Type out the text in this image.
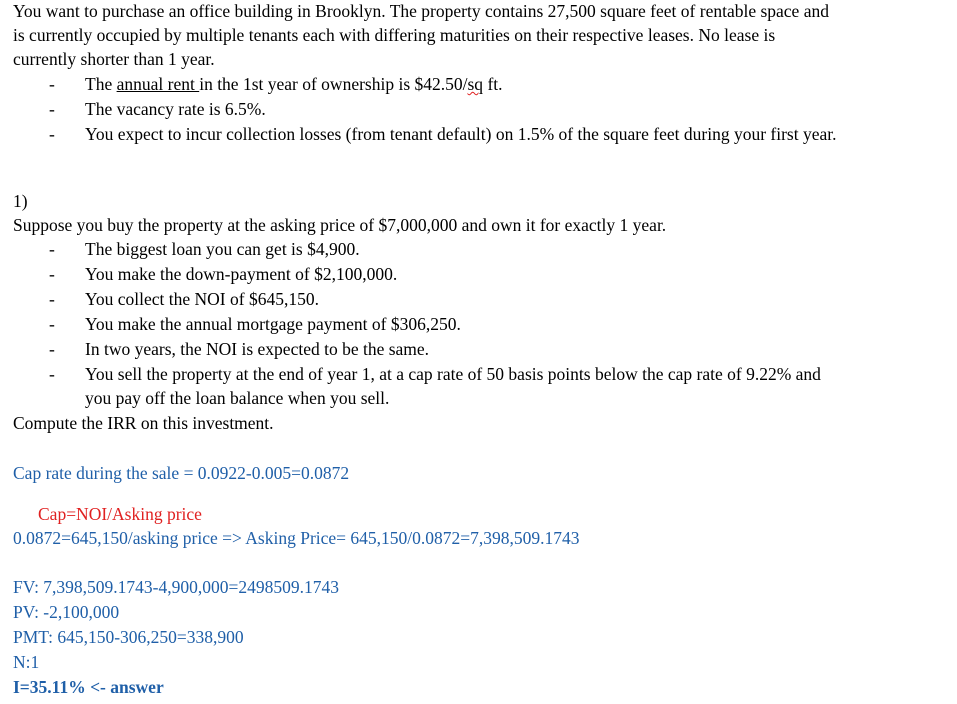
You want to purchase an office building in Brooklyn. The property contains 27,500 square feet of rentable space and
is currently occupied by multiple tenants each with differing maturities on their respective leases. No lease is
currently shorter than 1 year.
- The annual rent in the 1st year of ownership is $42.50/sq ft.
- The vacancy rate is 6.5%.
- You expect to incur collection losses (from tenant default) on 1.5% of the square feet during your first year.
1)
Suppose you buy the property at the asking price of $7,000,000 and own it for exactly 1 year.
- The biggest loan you can get is $4,900.
- You make the down-payment of $2,100,000.
- You collect the NOI of $645,150.
- You make the annual mortgage payment of $306,250.
- In two years, the NOI is expected to be the same.
- You sell the property at the end of year 1, at a cap rate of 50 basis points below the cap rate of 9.22% and
you pay off the loan balance when you sell.
Compute the IRR on this investment.
Cap rate during the sale = 0.0922-0.005=0.0872
Cap=NOI/Asking price
0.0872=645,150/asking price => Asking Price= 645,150/0.0872=7,398,509.1743
FV: 7,398,509.1743-4,900,000=2498509.1743
PV: -2,100,000
PMT: 645,150-306,250=338,900
N:1
I=35.11% <- answer
